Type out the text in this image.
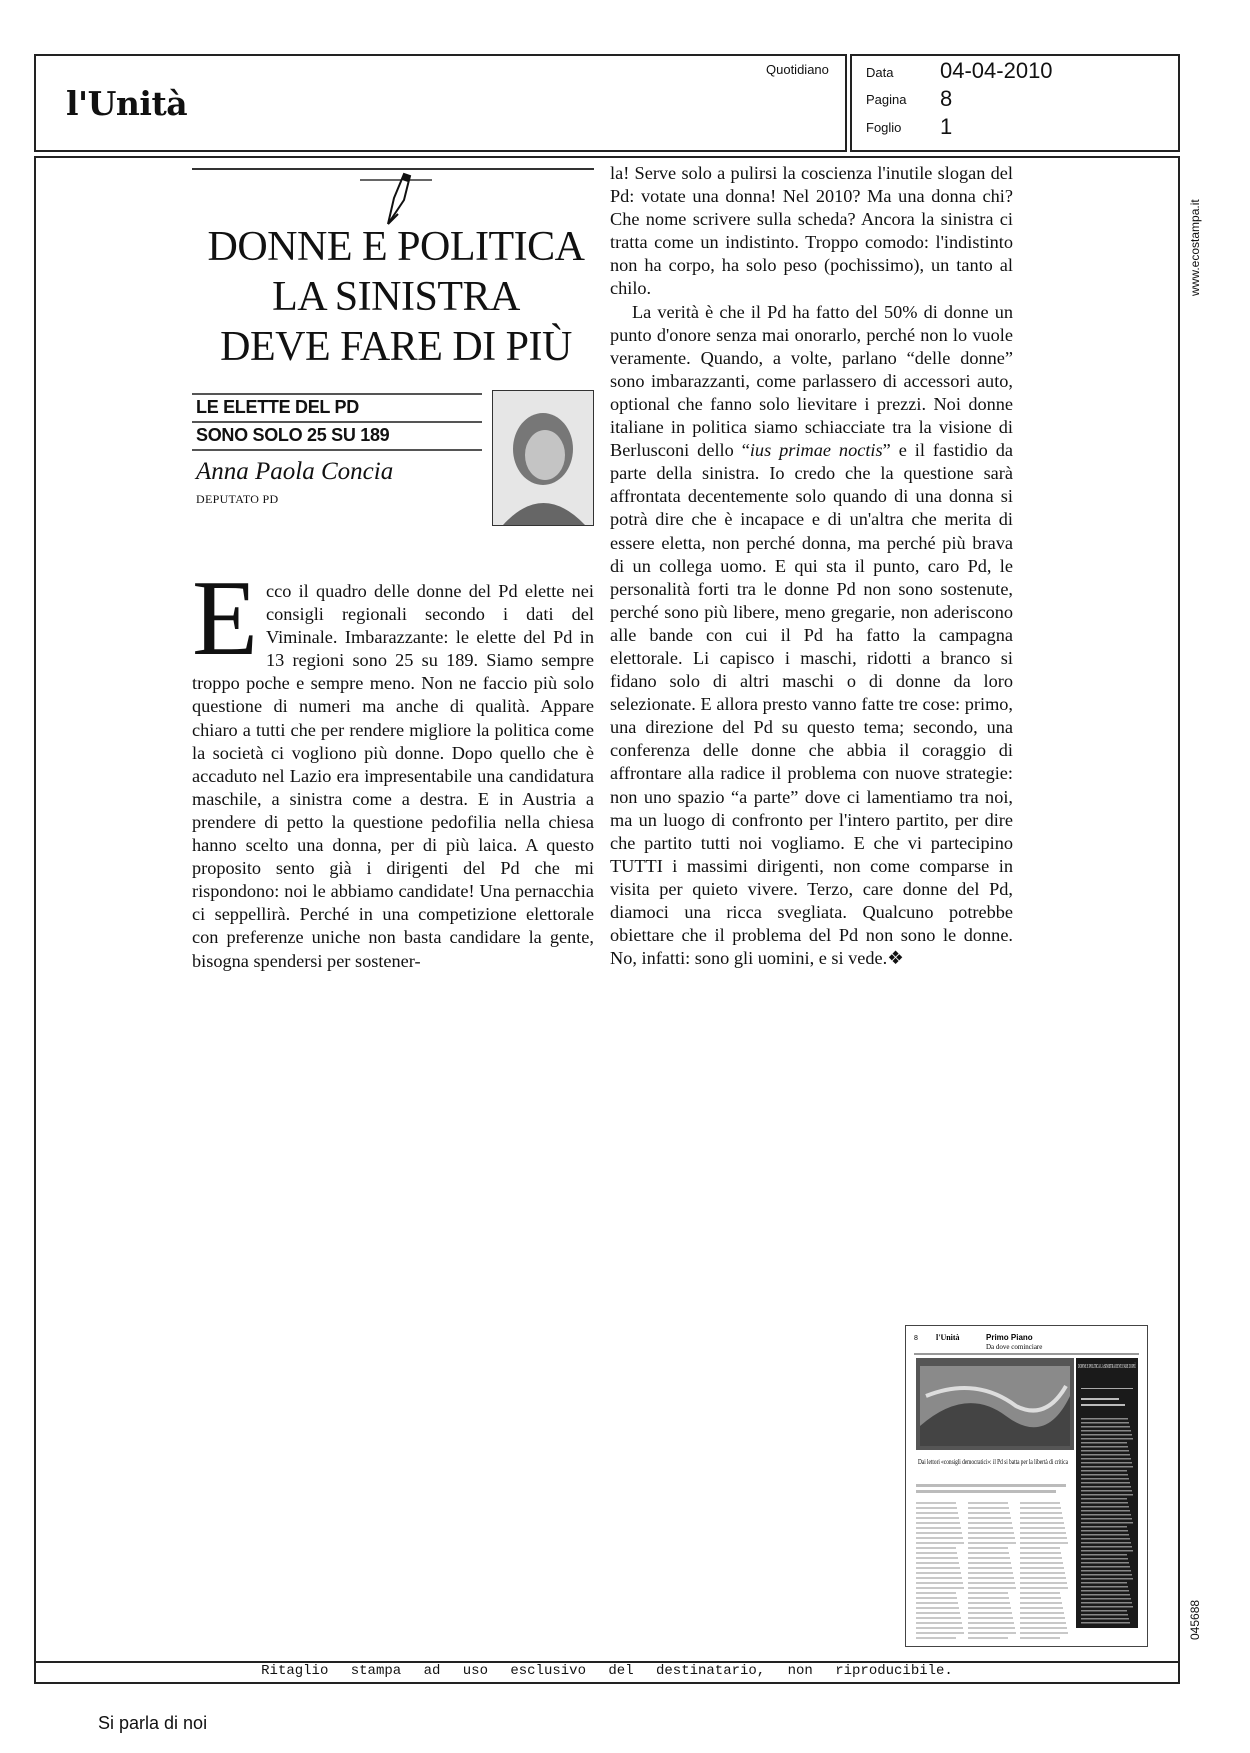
l'Unità
Quotidiano	Data 04-04-2010
Pagina 8
Foglio 1
Ritaglio stampa ad uso esclusivo del destinatario, non riproducibile.
www.ecostampa.it
045688
DONNE E POLITICA
LA SINISTRA
DEVE FARE DI PIÙ
LE ELETTE DEL PD
SONO SOLO 25 SU 189
Anna Paola Concia
DEPUTATO PD
E cco il quadro delle donne del Pd elette nei consigli regionali secondo i dati del Viminale. Imbarazzante: le elette del Pd in 13 regioni sono 25 su 189. Siamo sempre troppo poche e sempre meno. Non ne faccio più solo questione di numeri ma anche di qualità. Appare chiaro a tutti che per rendere migliore la politica come la società ci vogliono più donne. Dopo quello che è accaduto nel Lazio era impresentabile una candidatura maschile, a sinistra come a destra. E in Austria a prendere di petto la questione pedofilia nella chiesa hanno scelto una donna, per di più laica. A questo proposito sento già i dirigenti del Pd che mi rispondono: noi le abbiamo candidate! Una pernacchia ci seppellirà. Perché in una competizione elettorale con preferenze uniche non basta candidare la gente, bisogna spendersi per sostener-

la! Serve solo a pulirsi la coscienza l'inutile slogan del Pd: votate una donna! Nel 2010? Ma una donna chi? Che nome scrivere sulla scheda? Ancora la sinistra ci tratta come un indistinto. Troppo comodo: l'indistinto non ha corpo, ha solo peso (pochissimo), un tanto al chilo.

La verità è che il Pd ha fatto del 50% di donne un punto d'onore senza mai onorarlo, perché non lo vuole veramente. Quando, a volte, parlano “delle donne” sono imbarazzanti, come parlassero di accessori auto, optional che fanno solo lievitare i prezzi. Noi donne italiane in politica siamo schiacciate tra la visione di Berlusconi dello “ius primae noctis” e il fastidio da parte della sinistra. Io credo che la questione sarà affrontata decentemente solo quando di una donna si potrà dire che è incapace e di un'altra che merita di essere eletta, non perché donna, ma perché più brava di un collega uomo. E qui sta il punto, caro Pd, le personalità forti tra le donne Pd non sono sostenute, perché sono più libere, meno gregarie, non aderiscono alle bande con cui il Pd ha fatto la campagna elettorale. Li capisco i maschi, ridotti a branco si fidano solo di altri maschi o di donne da loro selezionate. E allora presto vanno fatte tre cose: primo, una direzione del Pd su questo tema; secondo, una conferenza delle donne che abbia il coraggio di affrontare alla radice il problema con nuove strategie: non uno spazio “a parte” dove ci lamentiamo tra noi, ma un luogo di confronto per l'intero partito, per dire che partito tutti noi vogliamo. E che vi partecipino TUTTI i massimi dirigenti, non come comparse in visita per quieto vivere. Terzo, care donne del Pd, diamoci una ricca svegliata. Qualcuno potrebbe obiettare che il problema del Pd non sono le donne. No, infatti: sono gli uomini, e si vede.❖

8 l'Unità	Primo Piano
Da dove cominciare
DONNE E POLITICA LA SINISTRA DEVE FARE DI PIÙ
Dai lettori «consigli democratici»: il Pd si batta per la libertà di critica
Si parla di noi
